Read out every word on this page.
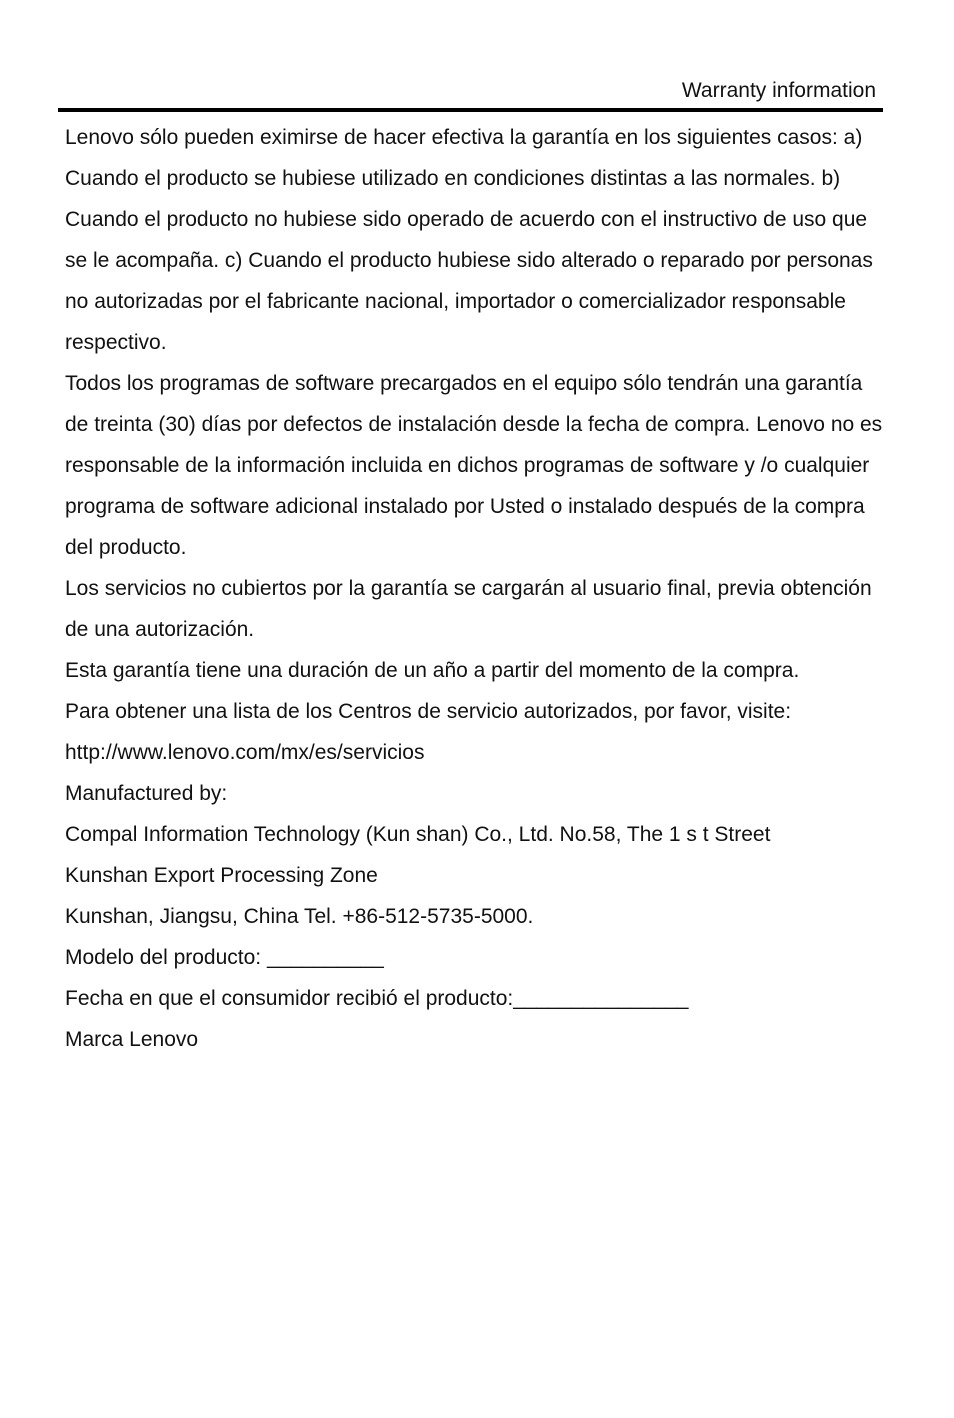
Warranty information

Lenovo sólo pueden eximirse de hacer efectiva la garantía en los siguientes casos: a) Cuando el producto se hubiese utilizado en condiciones distintas a las normales. b) Cuando el producto no hubiese sido operado de acuerdo con el instructivo de uso que se le acompaña. c) Cuando el producto hubiese sido alterado o reparado por personas no autorizadas por el fabricante nacional, importador o comercializador responsable respectivo.

Todos los programas de software precargados en el equipo sólo tendrán una garantía de treinta (30) días por defectos de instalación desde la fecha de compra. Lenovo no es responsable de la información incluida en dichos programas de software y /o cualquier programa de software adicional instalado por Usted o instalado después de la compra del producto.

Los servicios no cubiertos por la garantía se cargarán al usuario final, previa obtención de una autorización.

Esta garantía tiene una duración de un año a partir del momento de la compra.

Para obtener una lista de los Centros de servicio autorizados, por favor, visite: http://www.lenovo.com/mx/es/servicios

Manufactured by:

Compal Information Technology (Kun shan) Co., Ltd. No.58, The 1 s t Street

Kunshan Export Processing Zone

Kunshan, Jiangsu, China Tel. +86-512-5735-5000.

Modelo del producto: __________

Fecha en que el consumidor recibió el producto:_______________

Marca Lenovo
